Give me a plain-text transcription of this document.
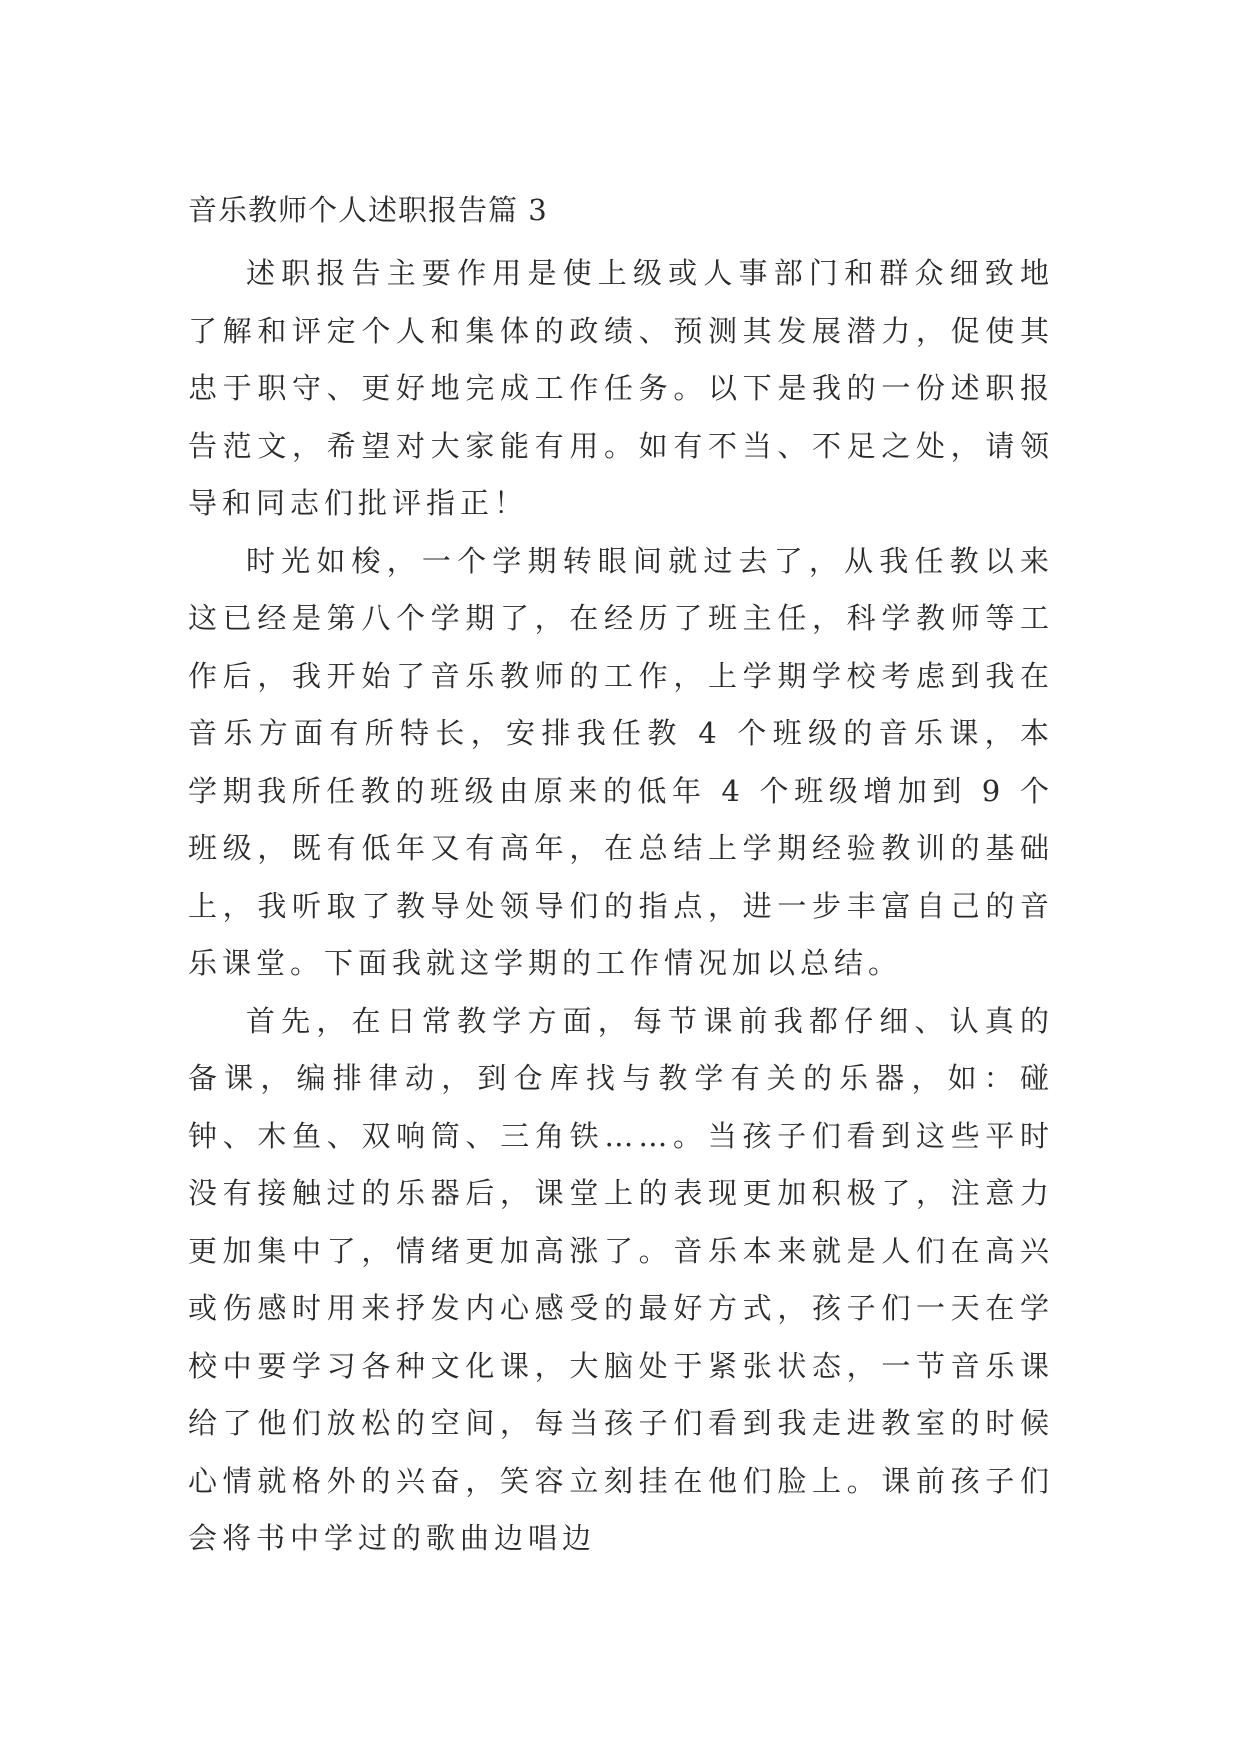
音乐教师个人述职报告篇 3

述职报告主要作用是使上级或人事部门和群众细致地了解和评定个人和集体的政绩、预测其发展潜力，促使其忠于职守、更好地完成工作任务。以下是我的一份述职报告范文，希望对大家能有用。如有不当、不足之处，请领导和同志们批评指正！

时光如梭，一个学期转眼间就过去了，从我任教以来这已经是第八个学期了，在经历了班主任，科学教师等工作后，我开始了音乐教师的工作，上学期学校考虑到我在音乐方面有所特长，安排我任教 4 个班级的音乐课，本学期我所任教的班级由原来的低年 4 个班级增加到 9 个班级，既有低年又有高年，在总结上学期经验教训的基础上，我听取了教导处领导们的指点，进一步丰富自己的音乐课堂。下面我就这学期的工作情况加以总结。

首先，在日常教学方面，每节课前我都仔细、认真的备课，编排律动，到仓库找与教学有关的乐器，如：碰钟、木鱼、双响筒、三角铁……。当孩子们看到这些平时没有接触过的乐器后，课堂上的表现更加积极了，注意力更加集中了，情绪更加高涨了。音乐本来就是人们在高兴或伤感时用来抒发内心感受的最好方式，孩子们一天在学校中要学习各种文化课，大脑处于紧张状态，一节音乐课给了他们放松的空间，每当孩子们看到我走进教室的时候心情就格外的兴奋，笑容立刻挂在他们脸上。课前孩子们会将书中学过的歌曲边唱边
